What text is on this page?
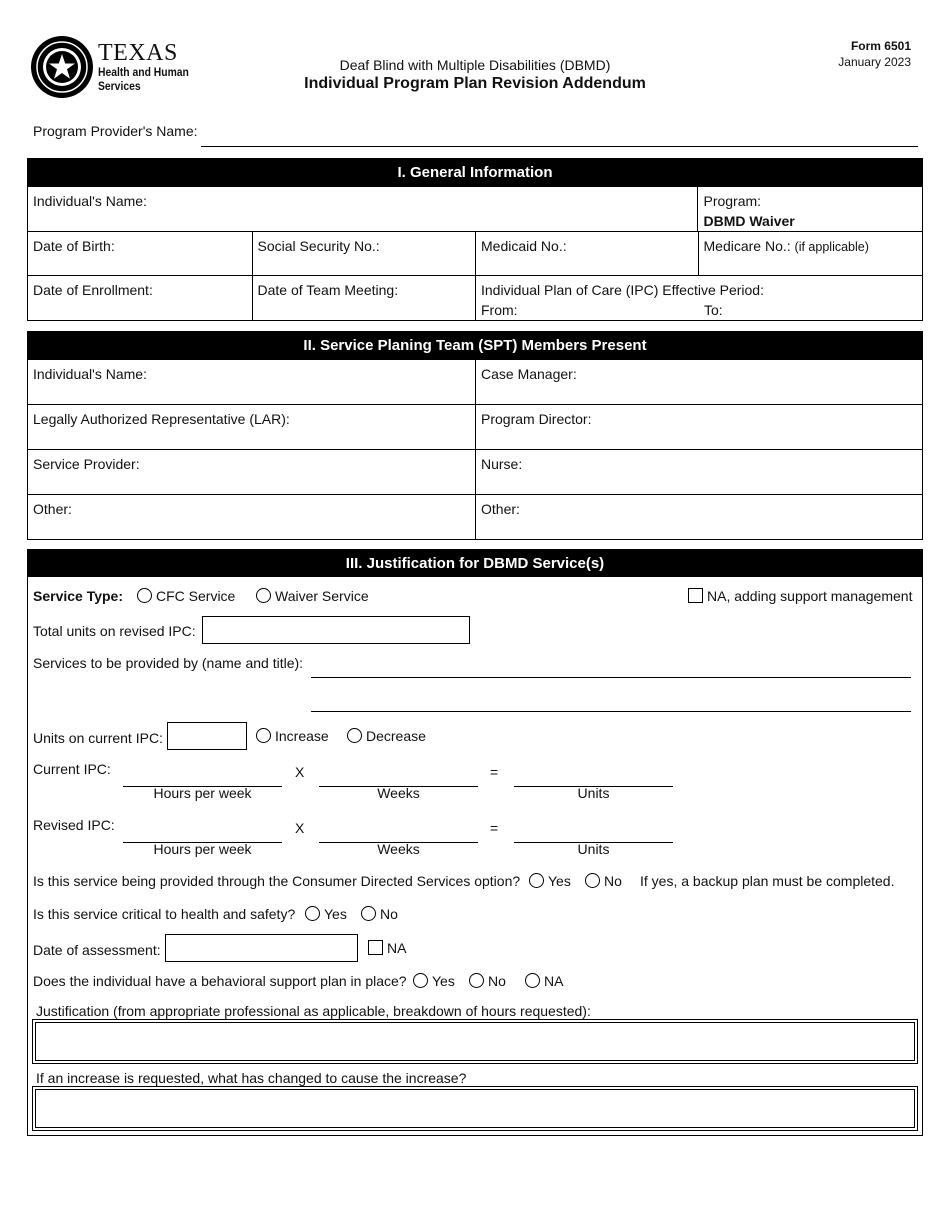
TEXAS
Health and Human
Services
Deaf Blind with Multiple Disabilities (DBMD)
Individual Program Plan Revision Addendum
Form 6501
January 2023
Program Provider's Name:
I. General Information
Individual's Name:	Program:
DBMD Waiver
Date of Birth:	Social Security No.:	Medicaid No.:	Medicare No.: (if applicable)
Date of Enrollment:	Date of Team Meeting:	Individual Plan of Care (IPC) Effective Period:
From:	To:
II. Service Planing Team (SPT) Members Present
Individual's Name:	Case Manager:
Legally Authorized Representative (LAR):	Program Director:
Service Provider:	Nurse:
Other:	Other:
III. Justification for DBMD Service(s)
Service Type:	CFC Service	Waiver Service	NA, adding support management
Total units on revised IPC:
Services to be provided by (name and title):
Units on current IPC:	Increase	Decrease
Current IPC:	X	=
Hours per week	Weeks	Units
Revised IPC:	X	=
Hours per week	Weeks	Units
Is this service being provided through the Consumer Directed Services option?	Yes	No If yes, a backup plan must be completed.
Is this service critical to health and safety?	Yes	No
Date of assessment:	NA
Does the individual have a behavioral support plan in place?	Yes	No	NA
Justification (from appropriate professional as applicable, breakdown of hours requested):
If an increase is requested, what has changed to cause the increase?
